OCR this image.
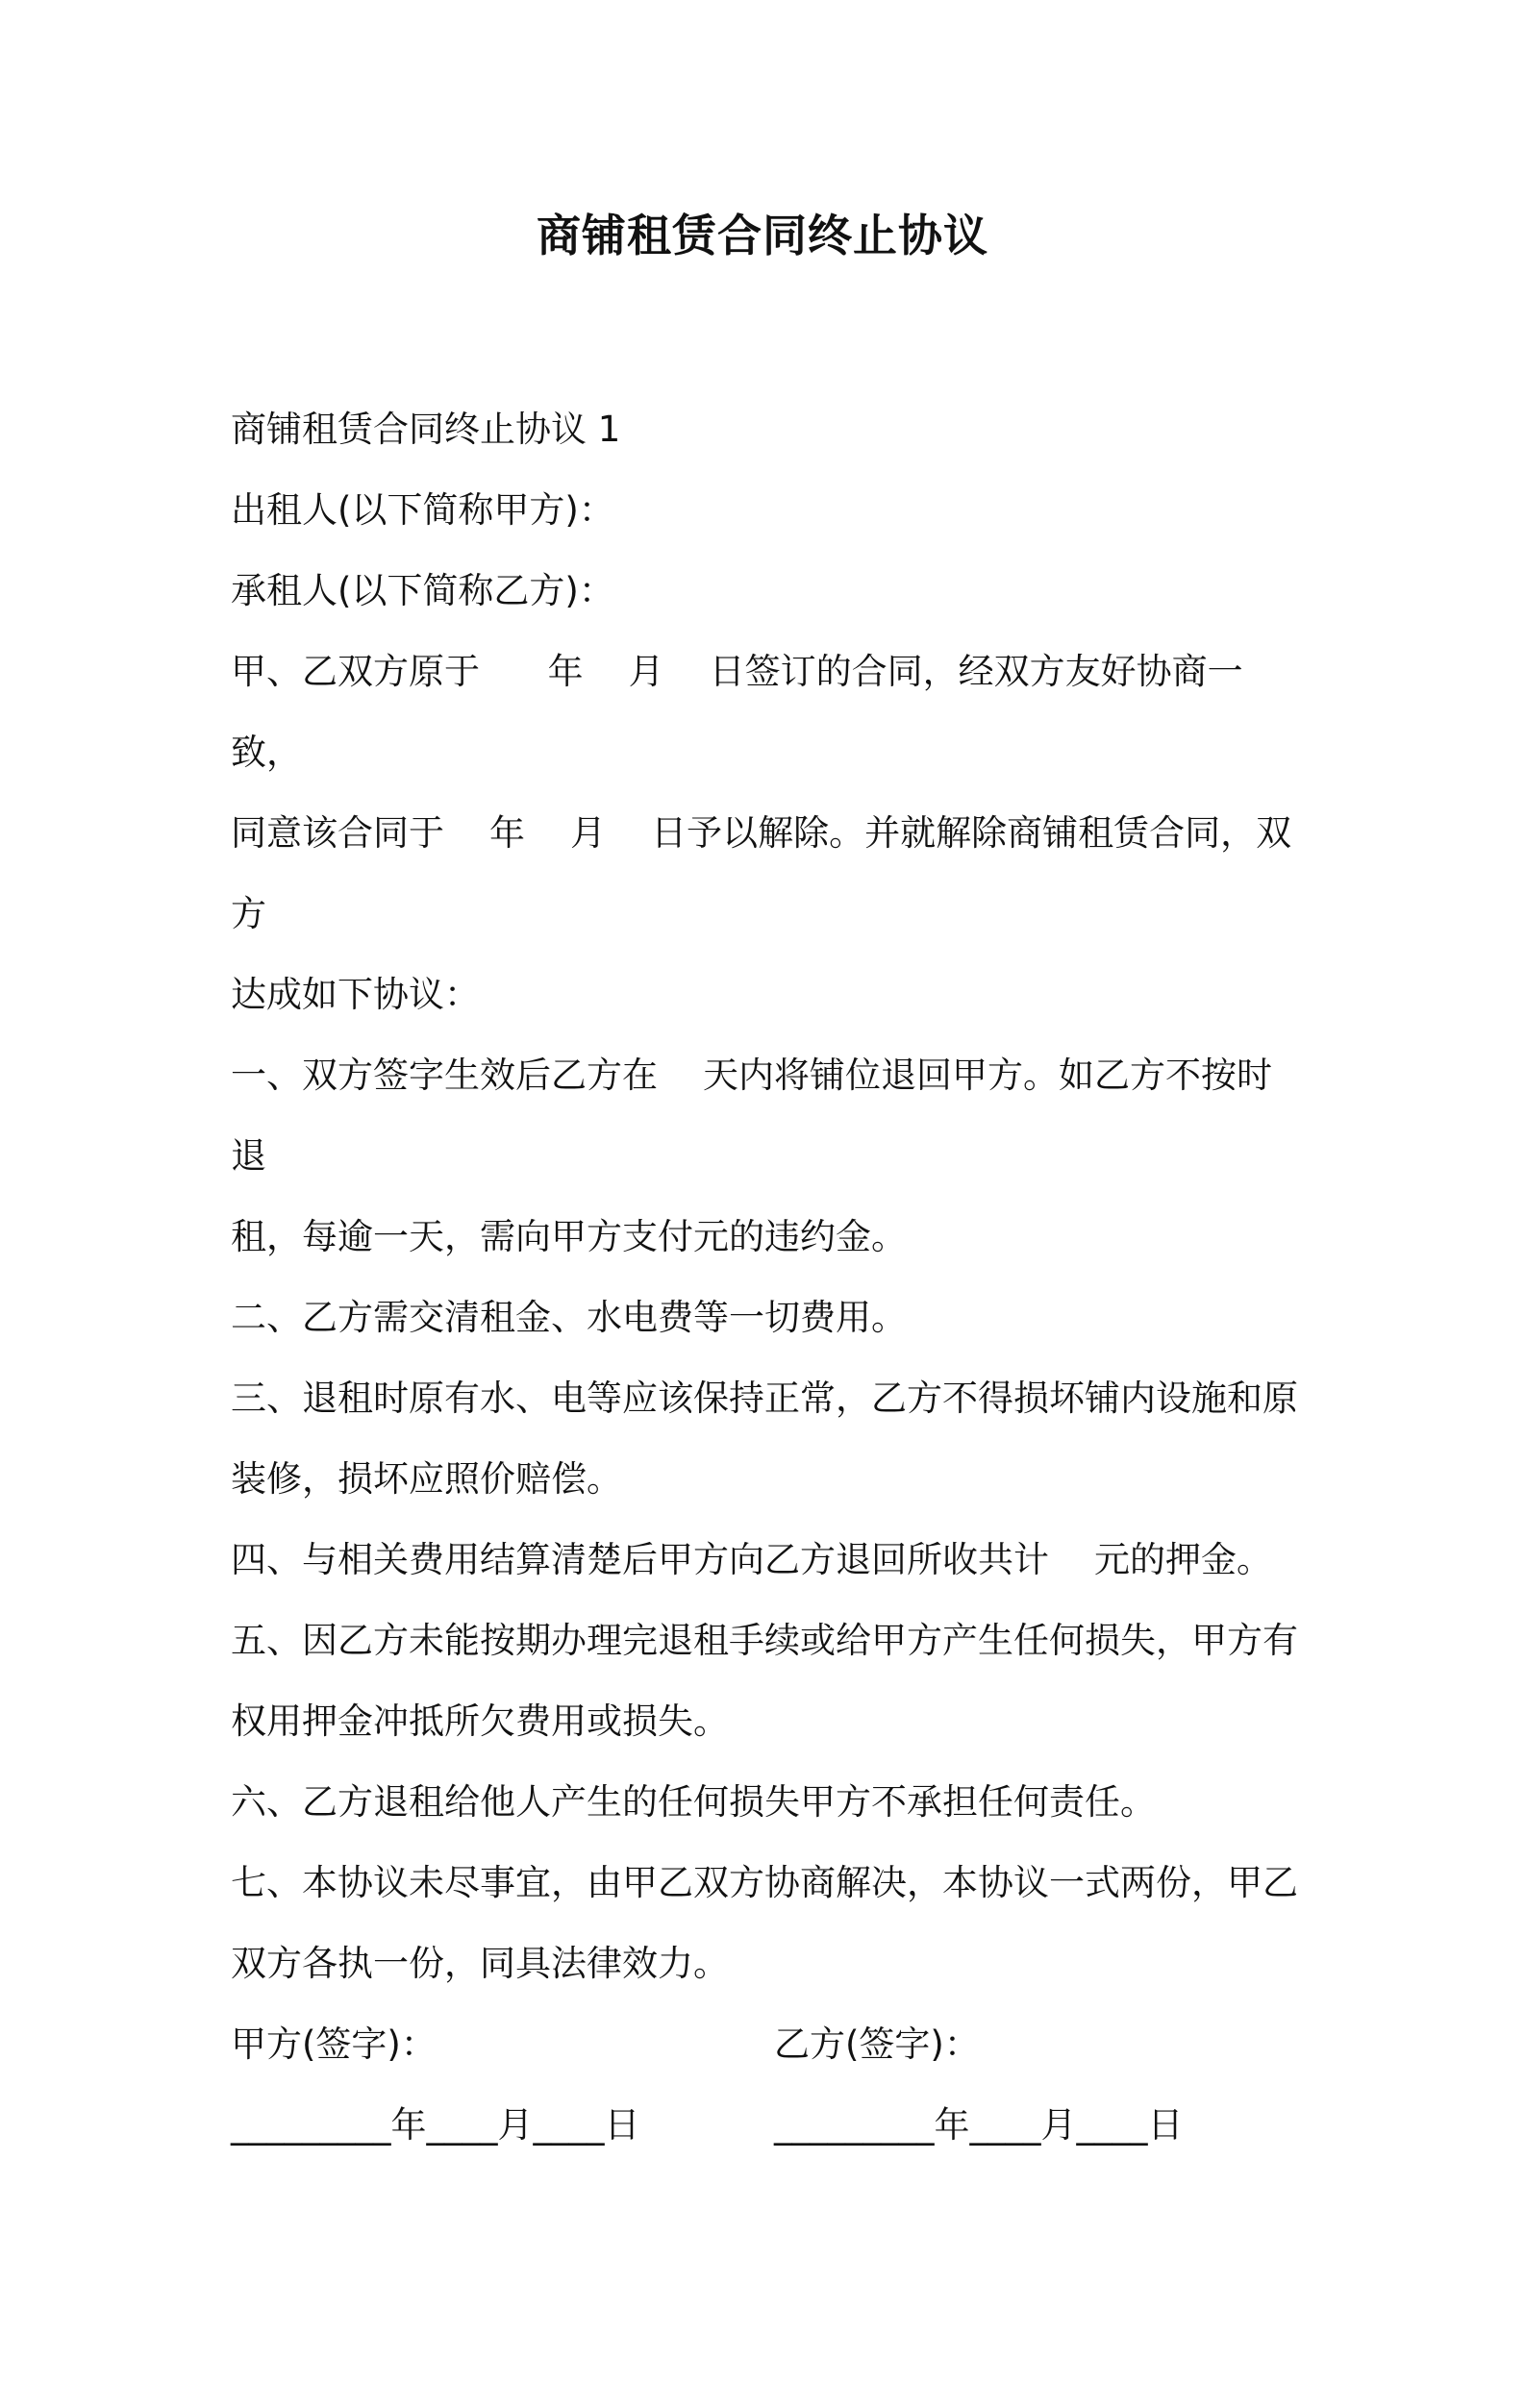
商铺租赁合同终止协议

商铺租赁合同终止协议 1

出租人(以下简称甲方)：

承租人(以下简称乙方)：

甲、乙双方原于      年    月    日签订的合同，经双方友好协商一致，

同意该合同于    年    月    日予以解除。并就解除商铺租赁合同，双方

达成如下协议：

一、双方签字生效后乙方在    天内将铺位退回甲方。如乙方不按时退

租，每逾一天，需向甲方支付元的违约金。

二、乙方需交清租金、水电费等一切费用。

三、退租时原有水、电等应该保持正常，乙方不得损坏铺内设施和原

装修，损坏应照价赔偿。

四、与相关费用结算清楚后甲方向乙方退回所收共计    元的押金。

五、因乙方未能按期办理完退租手续或给甲方产生任何损失，甲方有

权用押金冲抵所欠费用或损失。

六、乙方退租给他人产生的任何损失甲方不承担任何责任。

七、本协议未尽事宜，由甲乙双方协商解决，本协议一式两份，甲乙

双方各执一份，同具法律效力。

甲方(签字)：

	乙方(签字)：

_________年____月____日

	_________年____月____日
